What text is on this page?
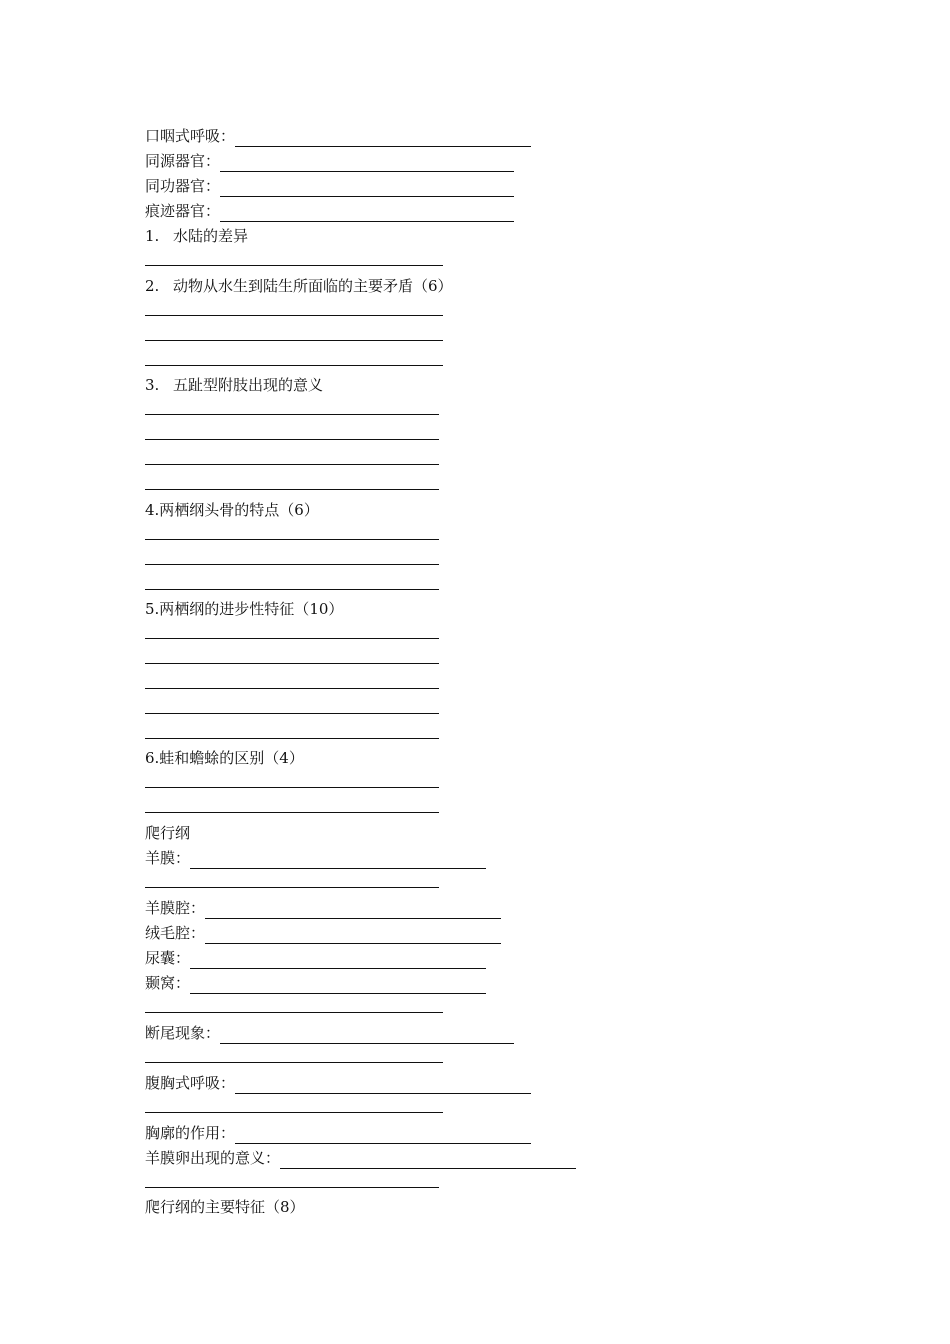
口咽式呼吸：
同源器官：
同功器官：
痕迹器官：
1. 水陆的差异
2. 动物从水生到陆生所面临的主要矛盾（6）
3. 五趾型附肢出现的意义
4.两栖纲头骨的特点（6）
5.两栖纲的进步性特征（10）
6.蛙和蟾蜍的区别（4）
爬行纲
羊膜：
羊膜腔：
绒毛腔：
尿囊：
颞窝：
断尾现象：
腹胸式呼吸：
胸廓的作用：
羊膜卵出现的意义：
爬行纲的主要特征（8）
